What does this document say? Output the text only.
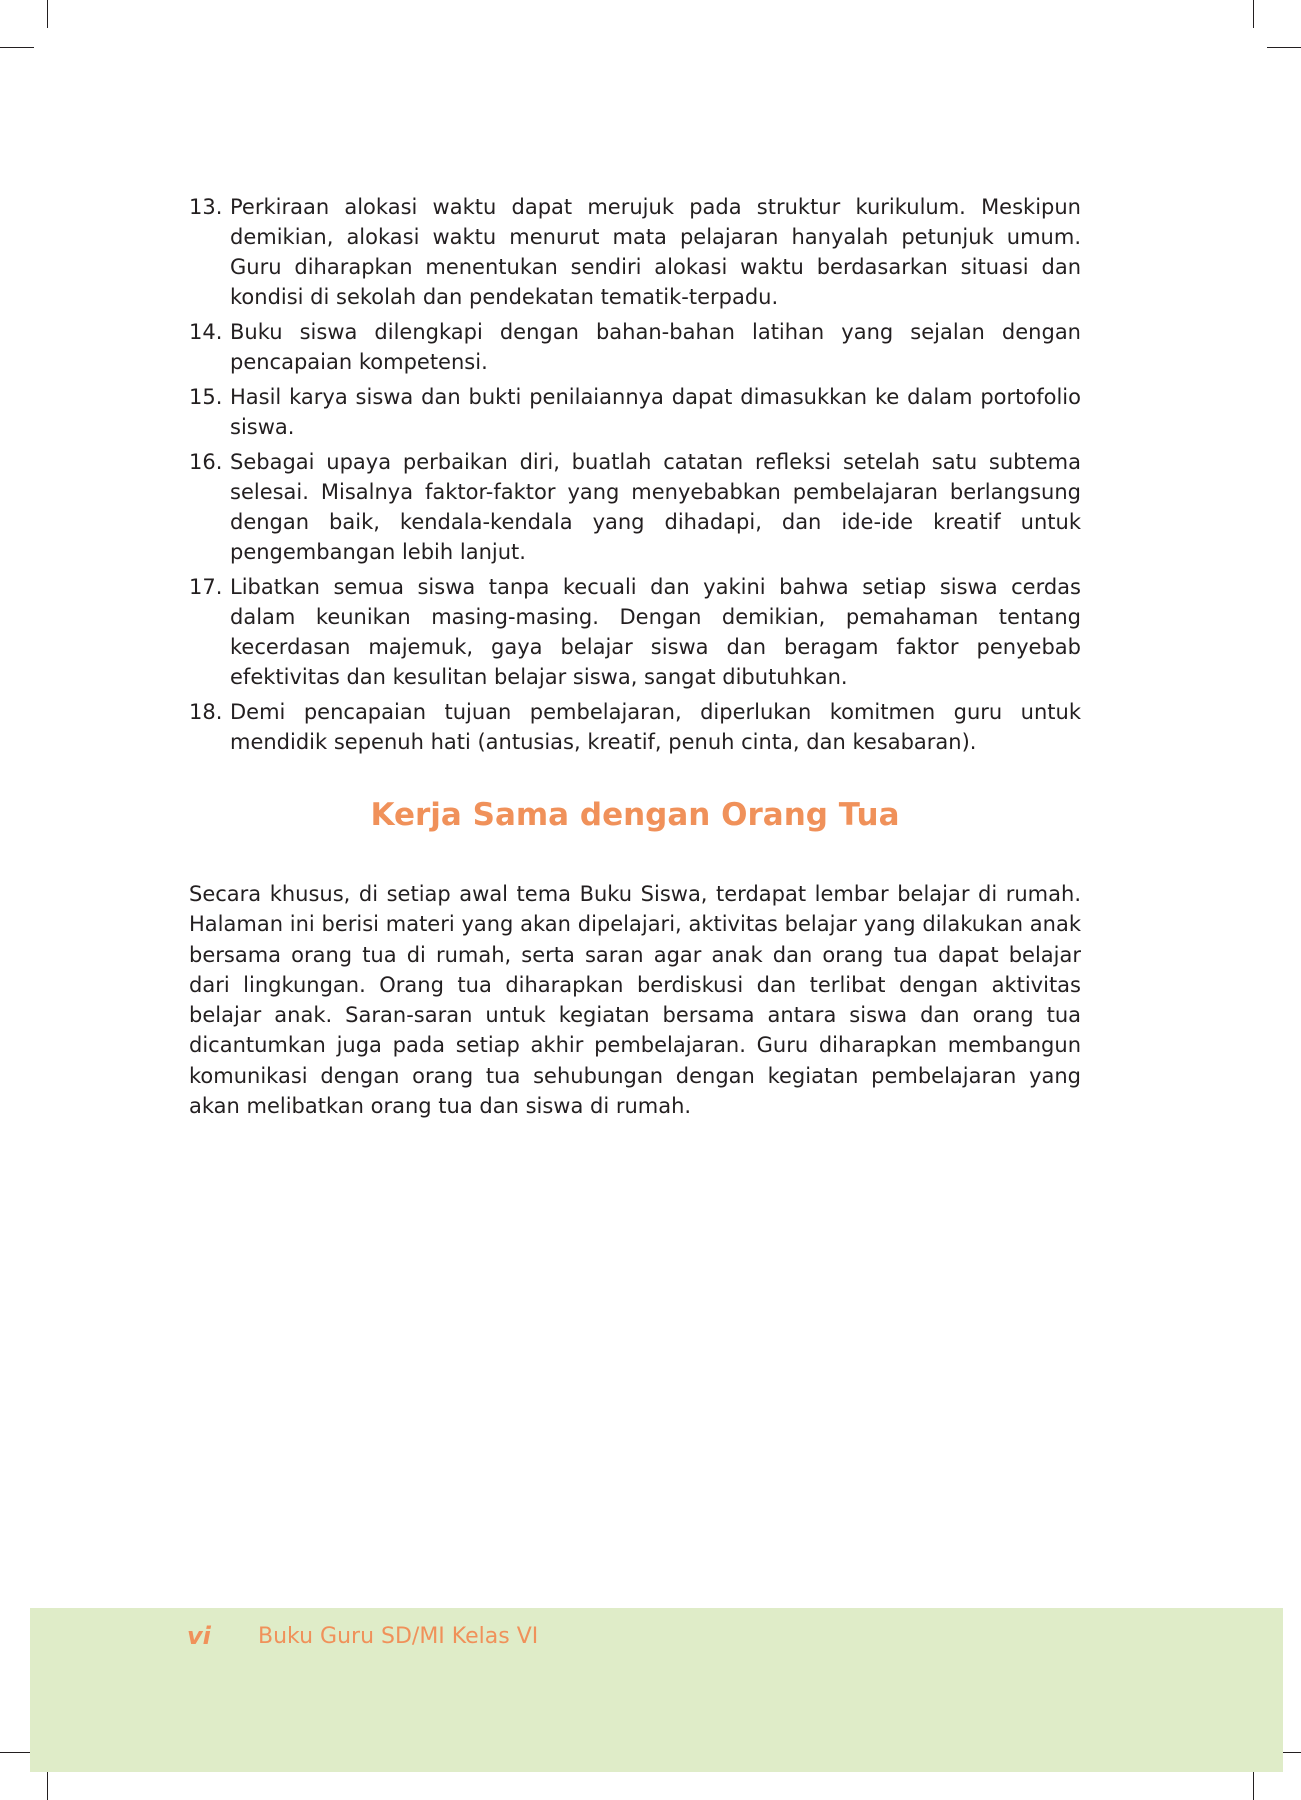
13. Perkiraan alokasi waktu dapat merujuk pada struktur kurikulum. Meskipun demikian, alokasi waktu menurut mata pelajaran hanyalah petunjuk umum. Guru diharapkan menentukan sendiri alokasi waktu berdasarkan situasi dan kondisi di sekolah dan pendekatan tematik-terpadu.
14. Buku siswa dilengkapi dengan bahan-bahan latihan yang sejalan dengan pencapaian kompetensi.
15. Hasil karya siswa dan bukti penilaiannya dapat dimasukkan ke dalam portofolio siswa.
16. Sebagai upaya perbaikan diri, buatlah catatan refleksi setelah satu subtema selesai. Misalnya faktor-faktor yang menyebabkan pembelajaran berlangsung dengan baik, kendala-kendala yang dihadapi, dan ide-ide kreatif untuk pengembangan lebih lanjut.
17. Libatkan semua siswa tanpa kecuali dan yakini bahwa setiap siswa cerdas dalam keunikan masing-masing. Dengan demikian, pemahaman tentang kecerdasan majemuk, gaya belajar siswa dan beragam faktor penyebab efektivitas dan kesulitan belajar siswa, sangat dibutuhkan.
18. Demi pencapaian tujuan pembelajaran, diperlukan komitmen guru untuk mendidik sepenuh hati (antusias, kreatif, penuh cinta, dan kesabaran).
Kerja Sama dengan Orang Tua

Secara khusus, di setiap awal tema Buku Siswa, terdapat lembar belajar di rumah. Halaman ini berisi materi yang akan dipelajari, aktivitas belajar yang dilakukan anak bersama orang tua di rumah, serta saran agar anak dan orang tua dapat belajar dari lingkungan. Orang tua diharapkan berdiskusi dan terlibat dengan aktivitas belajar anak. Saran-saran untuk kegiatan bersama antara siswa dan orang tua dicantumkan juga pada setiap akhir pembelajaran. Guru diharapkan membangun komunikasi dengan orang tua sehubungan dengan kegiatan pembelajaran yang akan melibatkan orang tua dan siswa di rumah.

vi Buku Guru SD/MI Kelas VI
